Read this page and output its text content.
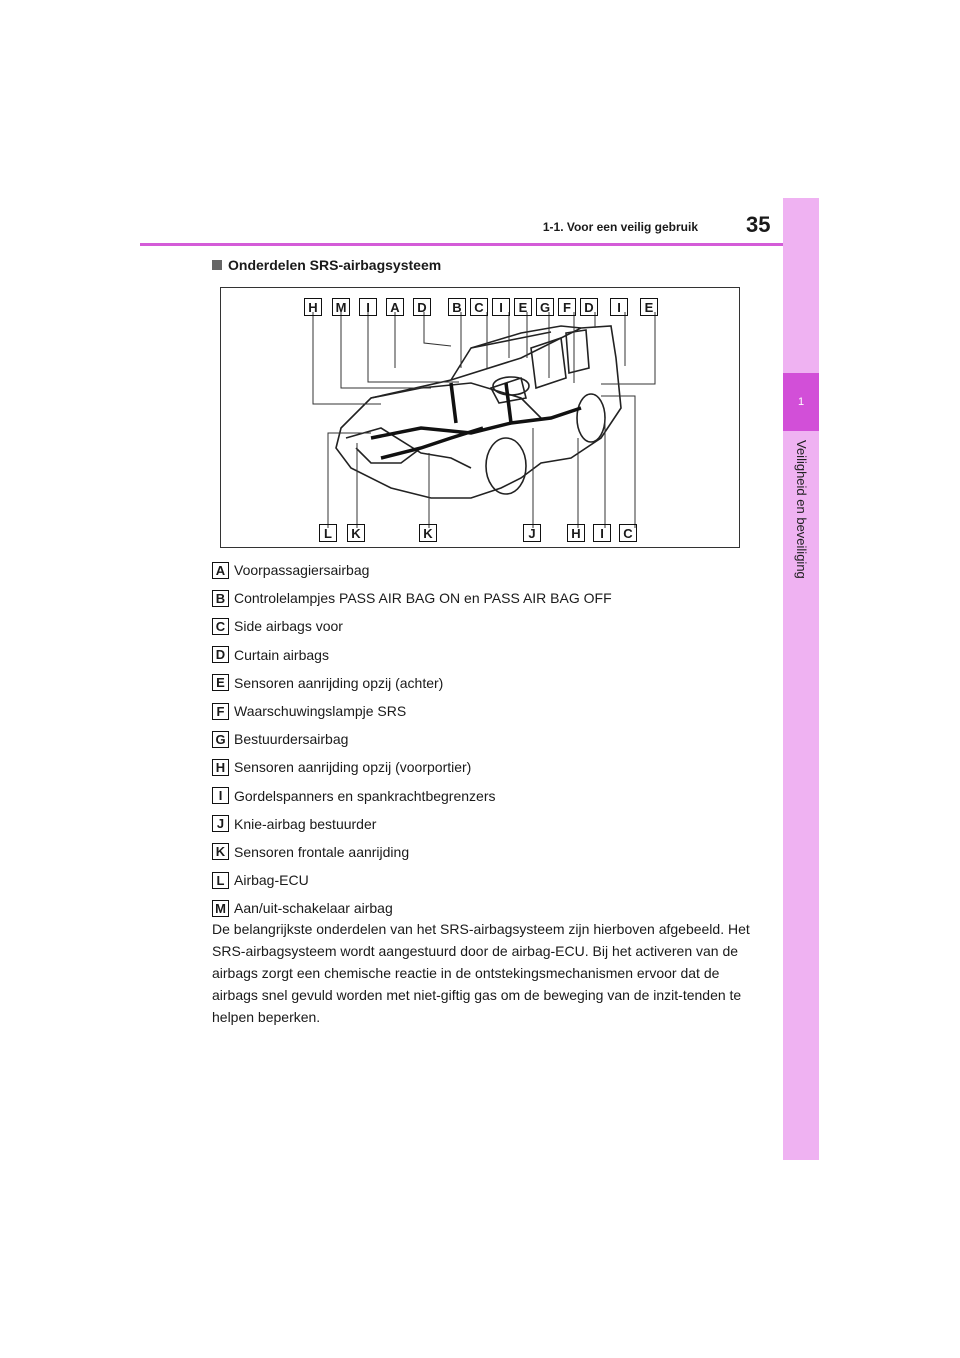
1
Veiligheid en beveiliging
1-1. Voor een veilig gebruik 35
Onderdelen SRS-airbagsysteem
H	M	I	A	D	B C	I	E G F	D	I	E
L	K	K	J	H	I	C
A Voorpassagiersairbag
B Controlelampjes PASS AIR BAG ON en PASS AIR BAG OFF
C Side airbags voor
D Curtain airbags
E Sensoren aanrijding opzij (achter)
F Waarschuwingslampje SRS
G Bestuurdersairbag
H Sensoren aanrijding opzij (voorportier)
I Gordelspanners en spankrachtbegrenzers
J Knie-airbag bestuurder
K Sensoren frontale aanrijding
L Airbag-ECU
M Aan/uit-schakelaar airbag
De belangrijkste onderdelen van het SRS-airbagsysteem zijn hierboven afgebeeld. Het SRS-airbagsysteem wordt aangestuurd door de airbag-ECU. Bij het activeren van de airbags zorgt een chemische reactie in de ontstekingsmechanismen ervoor dat de airbags snel gevuld worden met niet-giftig gas om de beweging van de inzit-tenden te helpen beperken.
